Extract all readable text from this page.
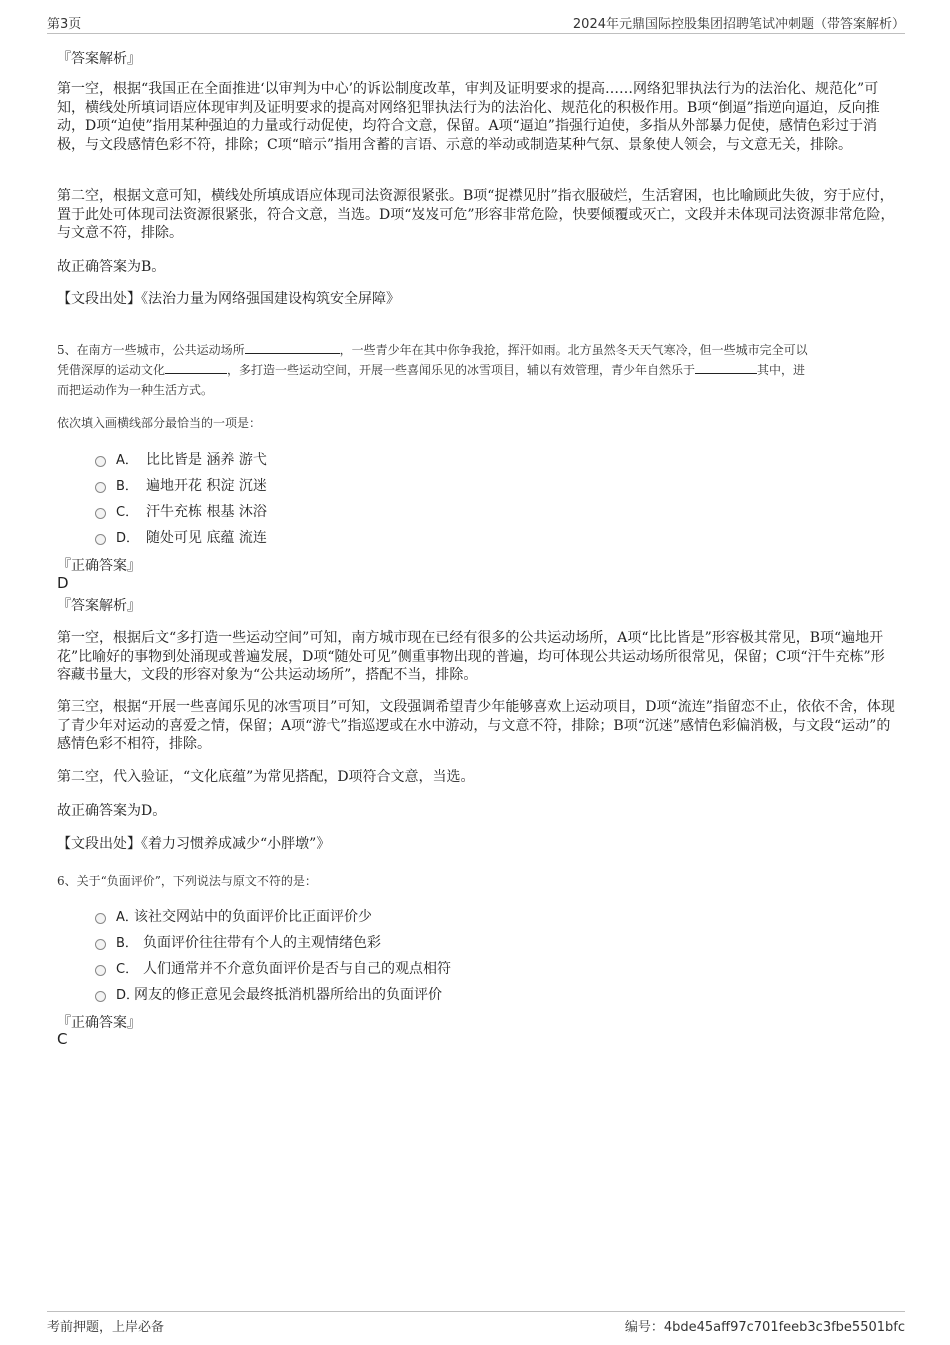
第3页	2024年元鼎国际控股集团招聘笔试冲刺题（带答案解析）
『答案解析』
第一空，根据“我国正在全面推进‘以审判为中心’的诉讼制度改革，审判及证明要求的提高……网络犯罪执法行为的法治化、规范化”可知，横线处所填词语应体现审判及证明要求的提高对网络犯罪执法行为的法治化、规范化的积极作用。B项“倒逼”指逆向逼迫，反向推动，D项“迫使”指用某种强迫的力量或行动促使，均符合文意，保留。A项“逼迫”指强行迫使，多指从外部暴力促使，感情色彩过于消极，与文段感情色彩不符，排除；C项“暗示”指用含蓄的言语、示意的举动或制造某种气氛、景象使人领会，与文意无关，排除。
第二空，根据文意可知，横线处所填成语应体现司法资源很紧张。B项“捉襟见肘”指衣服破烂，生活窘困，也比喻顾此失彼，穷于应付，置于此处可体现司法资源很紧张，符合文意，当选。D项“岌岌可危”形容非常危险，快要倾覆或灭亡，文段并未体现司法资源非常危险，与文意不符，排除。
故正确答案为B。
【文段出处】《法治力量为网络强国建设构筑安全屏障》
5、在南方一些城市，公共运动场所	，一些青少年在其中你争我抢，挥汗如雨。北方虽然冬天天气寒冷，但一些城市完全可以
凭借深厚的运动文化	，多打造一些运动空间，开展一些喜闻乐见的冰雪项目，辅以有效管理，青少年自然乐于	其中，进
而把运动作为一种生活方式。
依次填入画横线部分最恰当的一项是：
A． 比比皆是 涵养 游弋
B． 遍地开花 积淀 沉迷
C． 汗牛充栋 根基 沐浴
D． 随处可见 底蕴 流连
『正确答案』
D
『答案解析』
第一空，根据后文“多打造一些运动空间”可知，南方城市现在已经有很多的公共运动场所，A项“比比皆是”形容极其常见，B项“遍地开花”比喻好的事物到处涌现或普遍发展，D项“随处可见”侧重事物出现的普遍，均可体现公共运动场所很常见，保留；C项“汗牛充栋”形容藏书量大，文段的形容对象为“公共运动场所”，搭配不当，排除。
第三空，根据“开展一些喜闻乐见的冰雪项目”可知，文段强调希望青少年能够喜欢上运动项目，D项“流连”指留恋不止，依依不舍，体现了青少年对运动的喜爱之情，保留；A项“游弋”指巡逻或在水中游动，与文意不符，排除；B项“沉迷”感情色彩偏消极，与文段“运动”的感情色彩不相符，排除。
第二空，代入验证，“文化底蕴”为常见搭配，D项符合文意，当选。
故正确答案为D。
【文段出处】《着力习惯养成减少“小胖墩”》
6、关于“负面评价”，下列说法与原文不符的是：
A．该社交网站中的负面评价比正面评价少
B． 负面评价往往带有个人的主观情绪色彩
C． 人们通常并不介意负面评价是否与自己的观点相符
D．网友的修正意见会最终抵消机器所给出的负面评价
『正确答案』
C
考前押题，上岸必备	编号：4bde45aff97c701feeb3c3fbe5501bfc
